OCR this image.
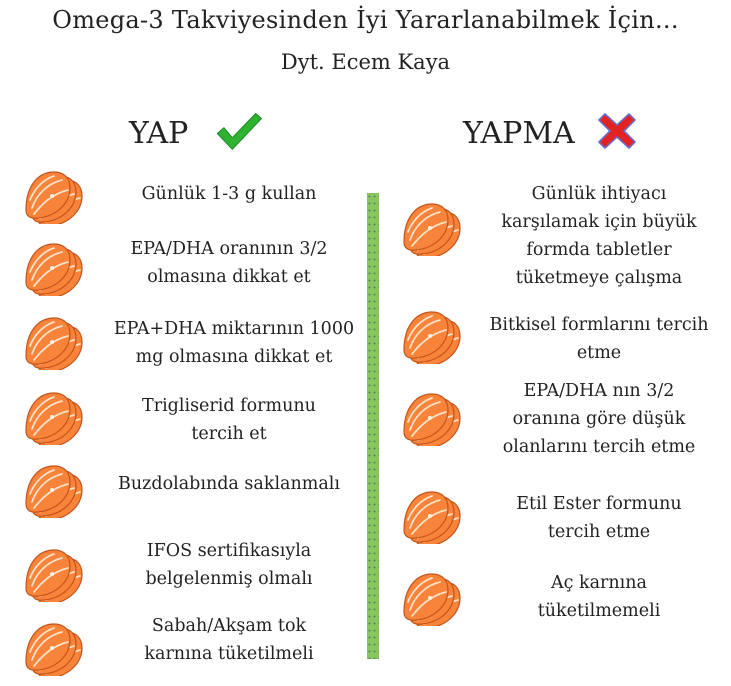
Omega-3 Takviyesinden İyi Yararlanabilmek İçin...
Dyt. Ecem Kaya
YAP	YAPMA
Günlük 1-3 g kullan
EPA/DHA oranının 3/2
olmasına dikkat et
EPA+DHA miktarının 1000
mg olmasına dikkat et
Trigliserid formunu
tercih et
Buzdolabında saklanmalı
IFOS sertifikasıyla
belgelenmiş olmalı
Sabah/Akşam tok
karnına tüketilmeli
Günlük ihtiyacı
karşılamak için büyük
formda tabletler
tüketmeye çalışma
Bitkisel formlarını tercih
etme
EPA/DHA nın 3/2
oranına göre düşük
olanlarını tercih etme
Etil Ester formunu
tercih etme
Aç karnına
tüketilmemeli
